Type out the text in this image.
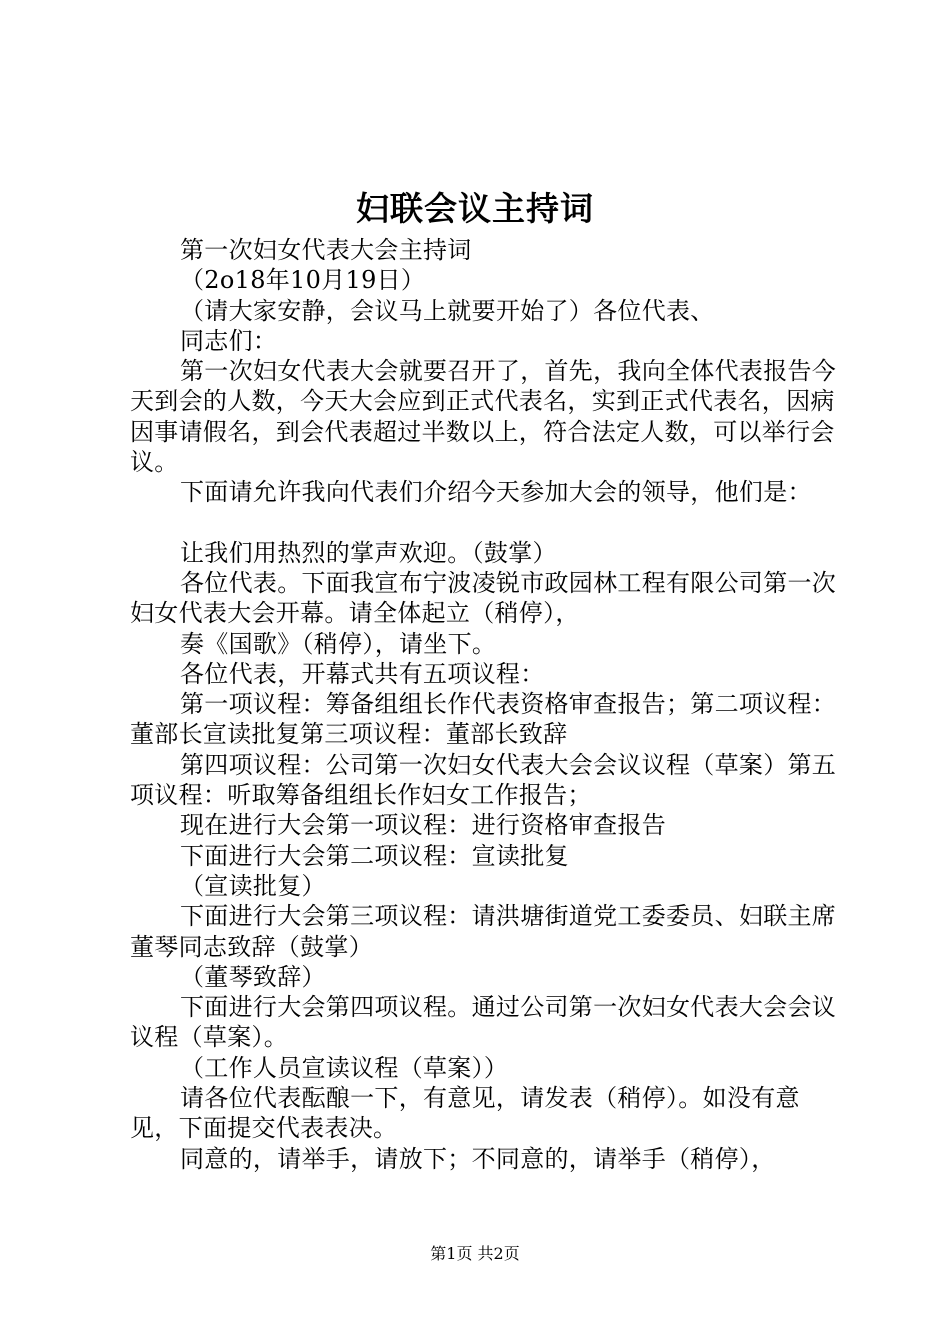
妇联会议主持词

第一次妇女代表大会主持词

（2o18年10月19日）

（请大家安静，会议马上就要开始了）各位代表、

同志们：

第一次妇女代表大会就要召开了，首先，我向全体代表报告今天到会的人数，今天大会应到正式代表名，实到正式代表名，因病因事请假名，到会代表超过半数以上，符合法定人数，可以举行会议。

下面请允许我向代表们介绍今天参加大会的领导，他们是：

让我们用热烈的掌声欢迎。（鼓掌）

各位代表。下面我宣布宁波凌锐市政园林工程有限公司第一次妇女代表大会开幕。请全体起立（稍停），

奏《国歌》（稍停），请坐下。

各位代表，开幕式共有五项议程：

第一项议程：筹备组组长作代表资格审查报告；第二项议程：董部长宣读批复第三项议程：董部长致辞

第四项议程：公司第一次妇女代表大会会议议程（草案）第五项议程：听取筹备组组长作妇女工作报告；

现在进行大会第一项议程：进行资格审查报告

下面进行大会第二项议程：宣读批复

（宣读批复）

下面进行大会第三项议程：请洪塘街道党工委委员、妇联主席董琴同志致辞（鼓掌）

（董琴致辞）

下面进行大会第四项议程。通过公司第一次妇女代表大会会议议程（草案）。

（工作人员宣读议程（草案））

请各位代表酝酿一下，有意见，请发表（稍停）。如没有意见，下面提交代表表决。

同意的，请举手，请放下；不同意的，请举手（稍停），

第1页 共2页
